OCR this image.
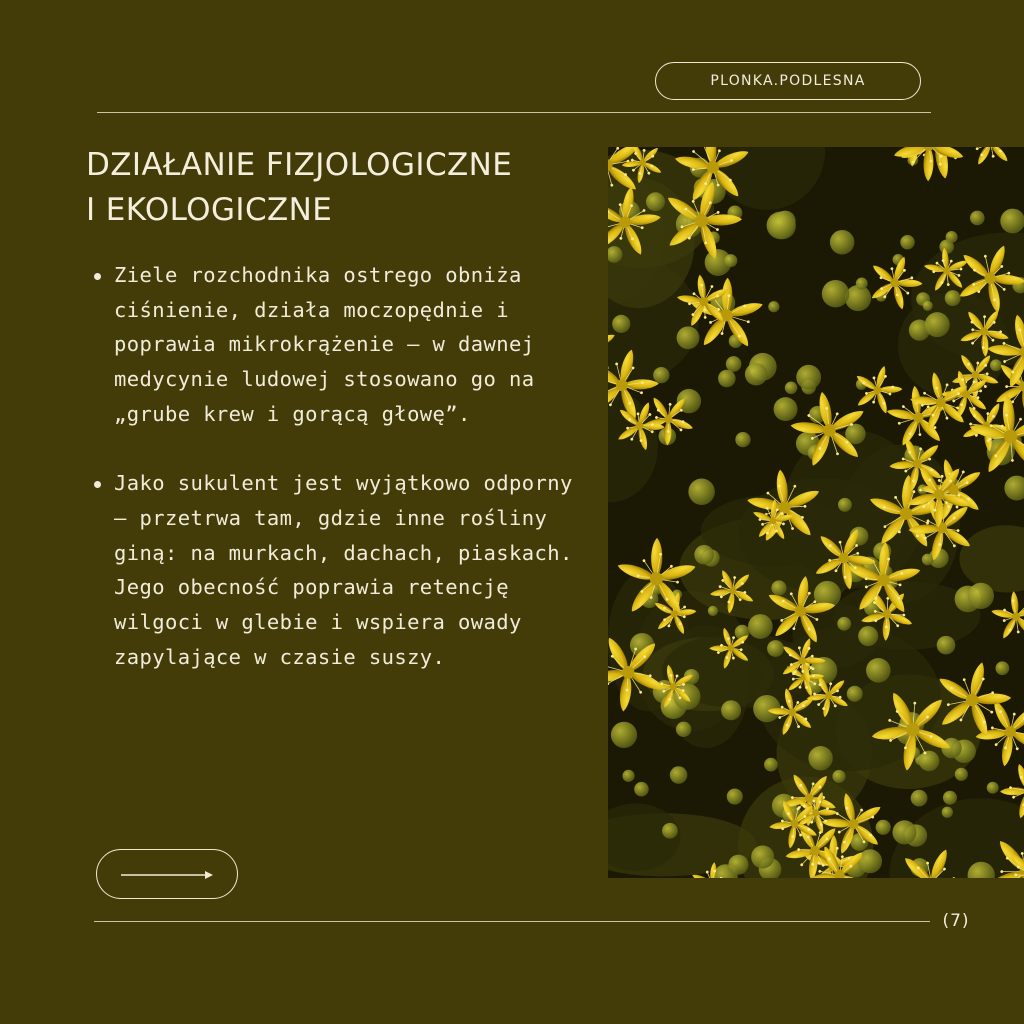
PLONKA.PODLESNA
DZIAŁANIE FIZJOLOGICZNE
I EKOLOGICZNE
Ziele rozchodnika ostrego obniża ciśnienie, działa moczopędnie i poprawia mikrokrążenie – w dawnej medycynie ludowej stosowano go na „grube krew i gorącą głowę”.
Jako sukulent jest wyjątkowo odporny – przetrwa tam, gdzie inne rośliny giną: na murkach, dachach, piaskach. Jego obecność poprawia retencję wilgoci w glebie i wspiera owady zapylające w czasie suszy.
(7)
